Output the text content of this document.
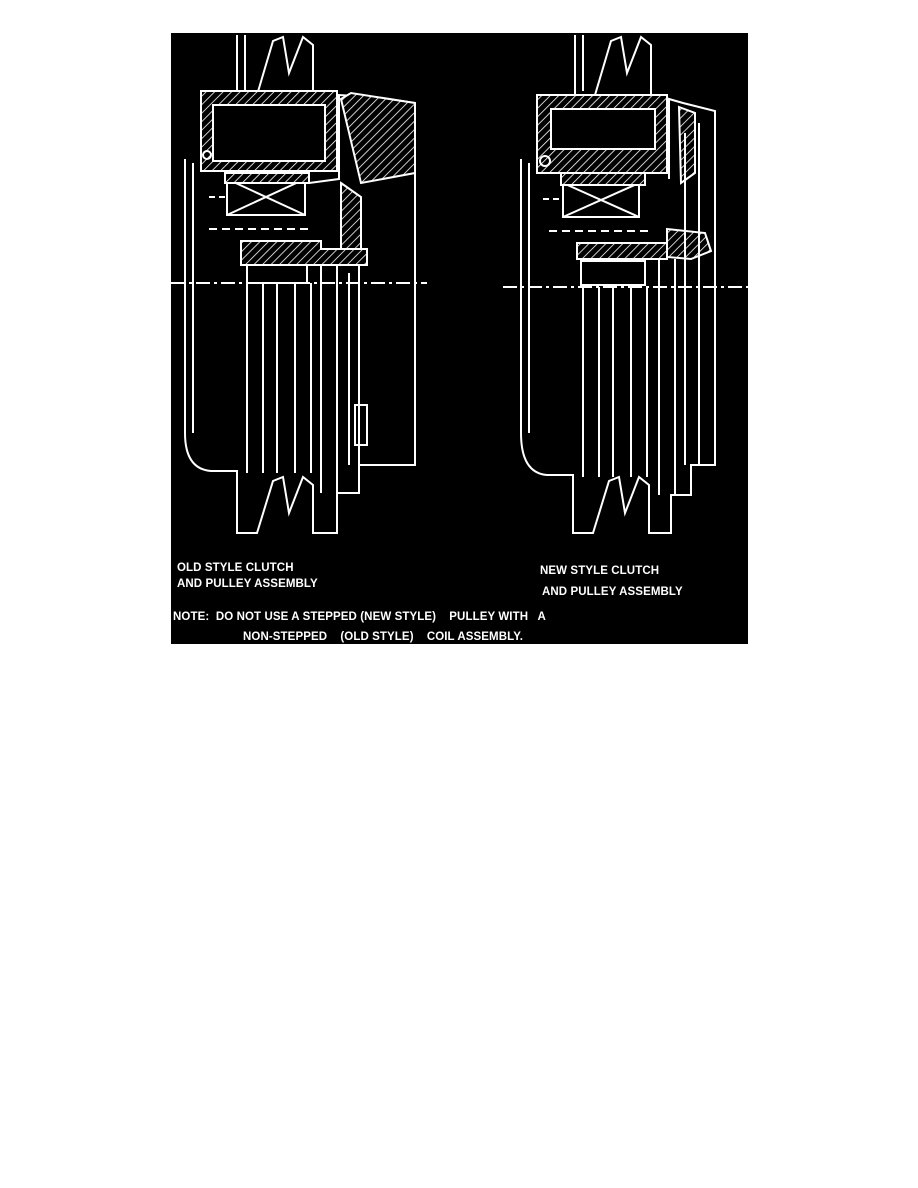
OLD STYLE CLUTCH
AND PULLEY ASSEMBLY
NEW STYLE CLUTCH
AND PULLEY ASSEMBLY
NOTE:  DO NOT USE A STEPPED (NEW STYLE)    PULLEY WITH   A
NON-STEPPED    (OLD STYLE)    COIL ASSEMBLY.
